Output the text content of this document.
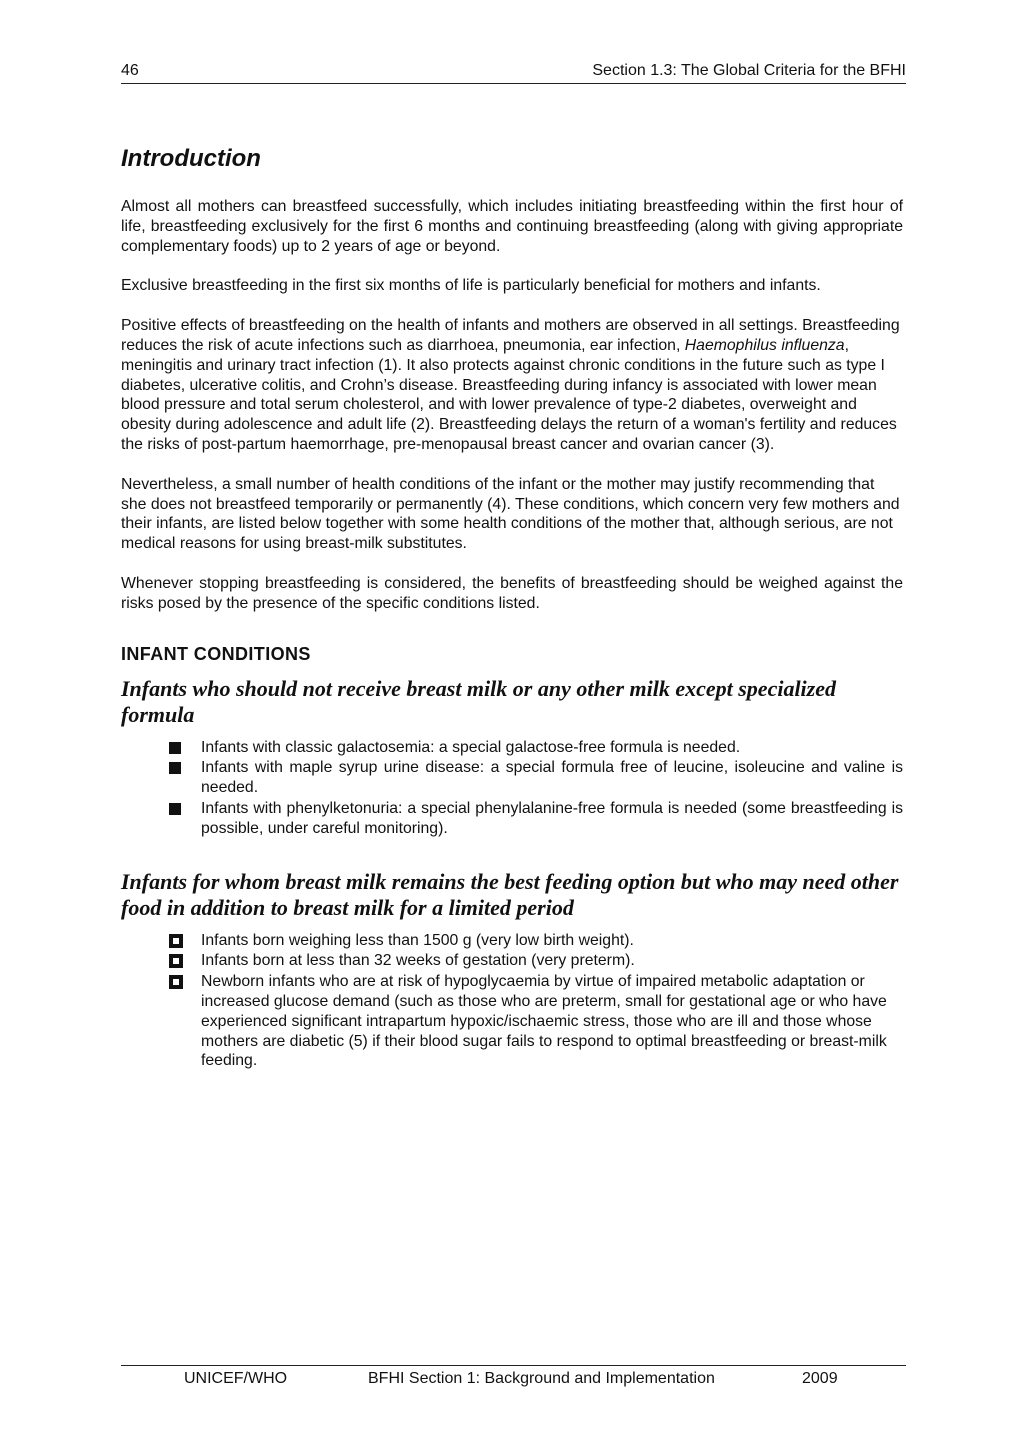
46	Section 1.3: The Global Criteria for the BFHI
Introduction

Almost all mothers can breastfeed successfully, which includes initiating breastfeeding within the first hour of life, breastfeeding exclusively for the first 6 months and continuing breastfeeding (along with giving appropriate complementary foods) up to 2 years of age or beyond.

Exclusive breastfeeding in the first six months of life is particularly beneficial for mothers and infants.

Positive effects of breastfeeding on the health of infants and mothers are observed in all settings. Breastfeeding reduces the risk of acute infections such as diarrhoea, pneumonia, ear infection, Haemophilus influenza, meningitis and urinary tract infection (1). It also protects against chronic conditions in the future such as type I diabetes, ulcerative colitis, and Crohn’s disease. Breastfeeding during infancy is associated with lower mean blood pressure and total serum cholesterol, and with lower prevalence of type-2 diabetes, overweight and obesity during adolescence and adult life (2). Breastfeeding delays the return of a woman's fertility and reduces the risks of post-partum haemorrhage, pre-menopausal breast cancer and ovarian cancer (3).

Nevertheless, a small number of health conditions of the infant or the mother may justify recommending that she does not breastfeed temporarily or permanently (4). These conditions, which concern very few mothers and their infants, are listed below together with some health conditions of the mother that, although serious, are not medical reasons for using breast-milk substitutes.

Whenever stopping breastfeeding is considered, the benefits of breastfeeding should be weighed against the risks posed by the presence of the specific conditions listed.

INFANT CONDITIONS
Infants who should not receive breast milk or any other milk except specialized formula
Infants with classic galactosemia: a special galactose-free formula is needed.
Infants with maple syrup urine disease: a special formula free of leucine, isoleucine and valine is needed.
Infants with phenylketonuria: a special phenylalanine-free formula is needed (some breastfeeding is possible, under careful monitoring).
Infants for whom breast milk remains the best feeding option but who may need other food in addition to breast milk for a limited period
Infants born weighing less than 1500 g (very low birth weight).
Infants born at less than 32 weeks of gestation (very preterm).
Newborn infants who are at risk of hypoglycaemia by virtue of impaired metabolic adaptation or increased glucose demand (such as those who are preterm, small for gestational age or who have experienced significant intrapartum hypoxic/ischaemic stress, those who are ill and those whose mothers are diabetic (5) if their blood sugar fails to respond to optimal breastfeeding or breast-milk feeding.
UNICEF/WHO	BFHI Section 1: Background and Implementation	2009
